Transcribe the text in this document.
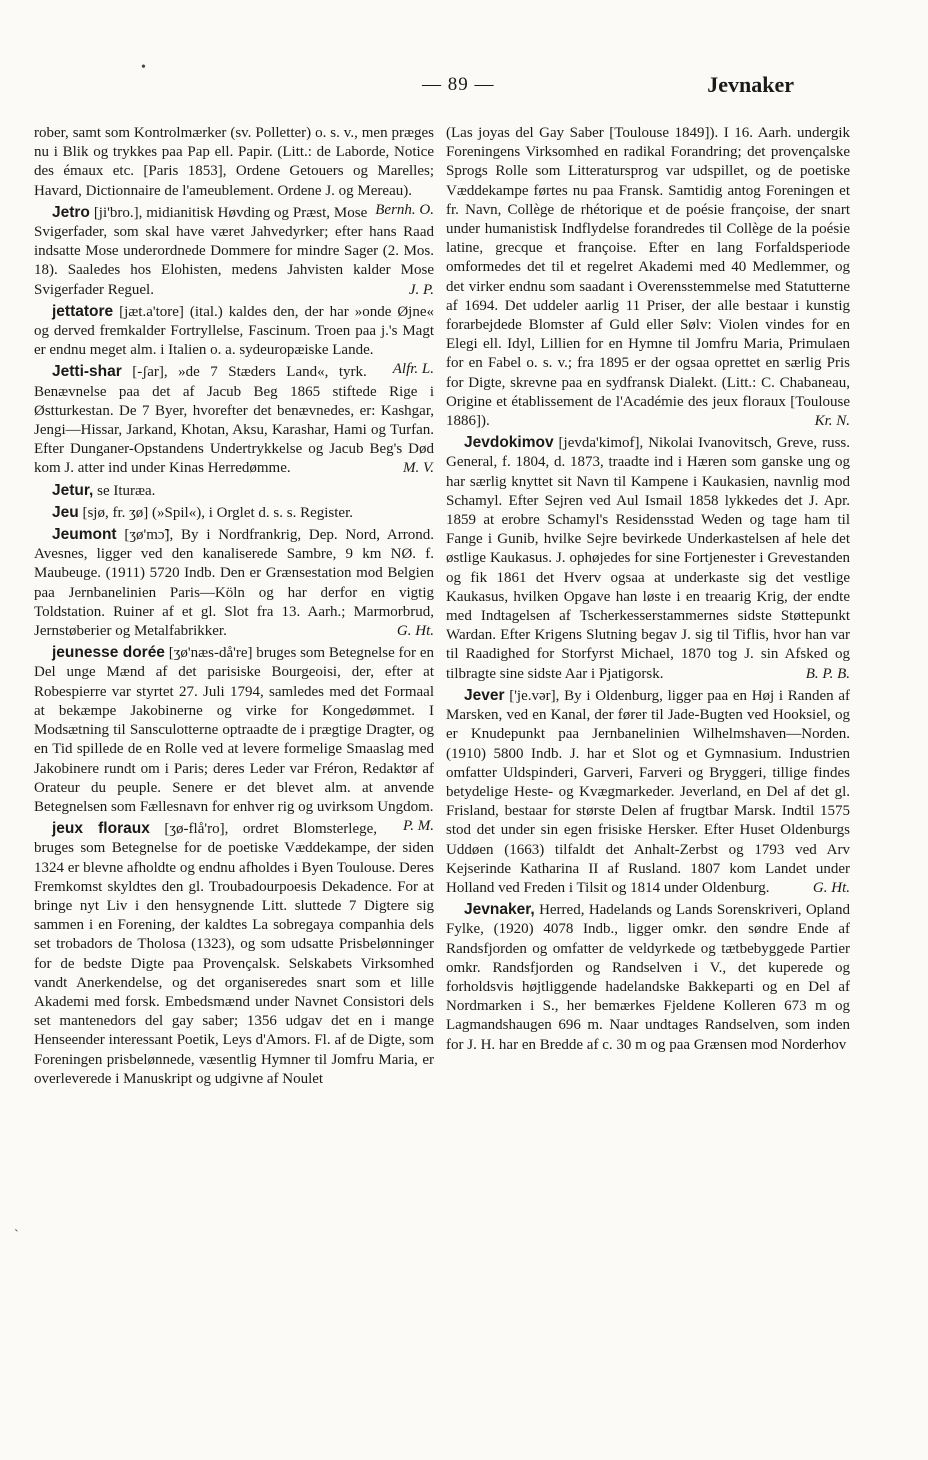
— 89 —	Jevnaker
•
ˋ

rober, samt som Kontrolmærker (sv. Polletter) o. s. v., men præges nu i Blik og trykkes paa Pap ell. Papir. (Litt.: de Laborde, Notice des émaux etc. [Paris 1853], Ordene Getouers og Marelles; Havard, Dictionnaire de l'ameublement. Ordene J. og Mereau).
Bernh. O.

Jetro [ji'bro.], midianitisk Høvding og Præst, Mose Svigerfader, som skal have været Jahvedyrker; efter hans Raad indsatte Mose underordnede Dommere for mindre Sager (2. Mos. 18). Saaledes hos Elohisten, medens Jahvisten kalder Mose Svigerfader Reguel.	J. P.

jettatore [jæt.a'tore] (ital.) kaldes den, der har »onde Øjne« og derved fremkalder Fortryllelse, Fascinum. Troen paa j.'s Magt er endnu meget alm. i Italien o. a. sydeuropæiske Lande.
Alfr. L.

Jetti-shar [-ʃar], »de 7 Stæders Land«, tyrk. Benævnelse paa det af Jacub Beg 1865 stiftede Rige i Østturkestan. De 7 Byer, hvorefter det benævnedes, er: Kashgar, Jengi—Hissar, Jarkand, Khotan, Aksu, Karashar, Hami og Turfan. Efter Dunganer-Opstandens Undertrykkelse og Jacub Beg's Død kom J. atter ind under Kinas Herredømme.	M. V.

Jetur, se Ituræa.

Jeu [sjø, fr. ʒø] (»Spil«), i Orglet d. s. s. Register.

Jeumont [ʒø'mɔ̃], By i Nordfrankrig, Dep. Nord, Arrond. Avesnes, ligger ved den kanaliserede Sambre, 9 km NØ. f. Maubeuge. (1911) 5720 Indb. Den er Grænsestation mod Belgien paa Jernbanelinien Paris—Köln og har derfor en vigtig Toldstation. Ruiner af et gl. Slot fra 13. Aarh.; Marmorbrud, Jernstøberier og Metalfabrikker.	G. Ht.

jeunesse dorée [ʒø'næs-då're] bruges som Betegnelse for en Del unge Mænd af det parisiske Bourgeoisi, der, efter at Robespierre var styrtet 27. Juli 1794, samledes med det Formaal at bekæmpe Jakobinerne og virke for Kongedømmet. I Modsætning til Sansculotterne optraadte de i prægtige Dragter, og en Tid spillede de en Rolle ved at levere formelige Smaaslag med Jakobinere rundt om i Paris; deres Leder var Fréron, Redaktør af Orateur du peuple. Senere er det blevet alm. at anvende Betegnelsen som Fællesnavn for enhver rig og uvirksom Ungdom.
P. M.

jeux floraux [ʒø-flå'ro], ordret Blomsterlege, bruges som Betegnelse for de poetiske Væddekampe, der siden 1324 er blevne afholdte og endnu afholdes i Byen Toulouse. Deres Fremkomst skyldtes den gl. Troubadourpoesis Dekadence. For at bringe nyt Liv i den hensygnende Litt. sluttede 7 Digtere sig sammen i en Forening, der kaldtes La sobregaya companhia dels set trobadors de Tholosa (1323), og som udsatte Prisbelønninger for de bedste Digte paa Provençalsk. Selskabets Virksomhed vandt Anerkendelse, og det organiseredes snart som et lille Akademi med forsk. Embedsmænd under Navnet Consistori dels set mantenedors del gay saber; 1356 udgav det en i mange Henseender interessant Poetik, Leys d'Amors. Fl. af de Digte, som Foreningen prisbelønnede, væsentlig Hymner til Jomfru Maria, er overleverede i Manuskript og udgivne af Noulet

(Las joyas del Gay Saber [Toulouse 1849]). I 16. Aarh. undergik Foreningens Virksomhed en radikal Forandring; det provençalske Sprogs Rolle som Litteratursprog var udspillet, og de poetiske Væddekampe førtes nu paa Fransk. Samtidig antog Foreningen et fr. Navn, Collège de rhétorique et de poésie françoise, der snart under humanistisk Indflydelse forandredes til Collège de la poésie latine, grecque et françoise. Efter en lang Forfaldsperiode omformedes det til et regelret Akademi med 40 Medlemmer, og det virker endnu som saadant i Overensstemmelse med Statutterne af 1694. Det uddeler aarlig 11 Priser, der alle bestaar i kunstig forarbejdede Blomster af Guld eller Sølv: Violen vindes for en Elegi ell. Idyl, Lillien for en Hymne til Jomfru Maria, Primulaen for en Fabel o. s. v.; fra 1895 er der ogsaa oprettet en særlig Pris for Digte, skrevne paa en sydfransk Dialekt. (Litt.: C. Chabaneau, Origine et établissement de l'Académie des jeux floraux [Toulouse 1886]).	Kr. N.

Jevdokimov [jevda'kimof], Nikolai Ivanovitsch, Greve, russ. General, f. 1804, d. 1873, traadte ind i Hæren som ganske ung og har særlig knyttet sit Navn til Kampene i Kaukasien, navnlig mod Schamyl. Efter Sejren ved Aul Ismail 1858 lykkedes det J. Apr. 1859 at erobre Schamyl's Residensstad Weden og tage ham til Fange i Gunib, hvilke Sejre bevirkede Underkastelsen af hele det østlige Kaukasus. J. ophøjedes for sine Fortjenester i Grevestanden og fik 1861 det Hverv ogsaa at underkaste sig det vestlige Kaukasus, hvilken Opgave han løste i en treaarig Krig, der endte med Indtagelsen af Tscherkesserstammernes sidste Støttepunkt Wardan. Efter Krigens Slutning begav J. sig til Tiflis, hvor han var til Raadighed for Storfyrst Michael, 1870 tog J. sin Afsked og tilbragte sine sidste Aar i Pjatigorsk.	B. P. B.

Jever ['je.vər], By i Oldenburg, ligger paa en Høj i Randen af Marsken, ved en Kanal, der fører til Jade-Bugten ved Hooksiel, og er Knudepunkt paa Jernbanelinien Wilhelmshaven—Norden. (1910) 5800 Indb. J. har et Slot og et Gymnasium. Industrien omfatter Uldspinderi, Garveri, Farveri og Bryggeri, tillige findes betydelige Heste- og Kvægmarkeder. Jeverland, en Del af det gl. Frisland, bestaar for største Delen af frugtbar Marsk. Indtil 1575 stod det under sin egen frisiske Hersker. Efter Huset Oldenburgs Uddøen (1663) tilfaldt det Anhalt-Zerbst og 1793 ved Arv Kejserinde Katharina II af Rusland. 1807 kom Landet under Holland ved Freden i Tilsit og 1814 under Oldenburg.	G. Ht.

Jevnaker, Herred, Hadelands og Lands Sorenskriveri, Opland Fylke, (1920) 4078 Indb., ligger omkr. den søndre Ende af Randsfjorden og omfatter de veldyrkede og tætbebyggede Partier omkr. Randsfjorden og Randselven i V., det kuperede og forholdsvis højtliggende hadelandske Bakkeparti og en Del af Nordmarken i S., her bemærkes Fjeldene Kolleren 673 m og Lagmandshaugen 696 m. Naar undtages Randselven, som inden for J. H. har en Bredde af c. 30 m og paa Grænsen mod Norderhov
